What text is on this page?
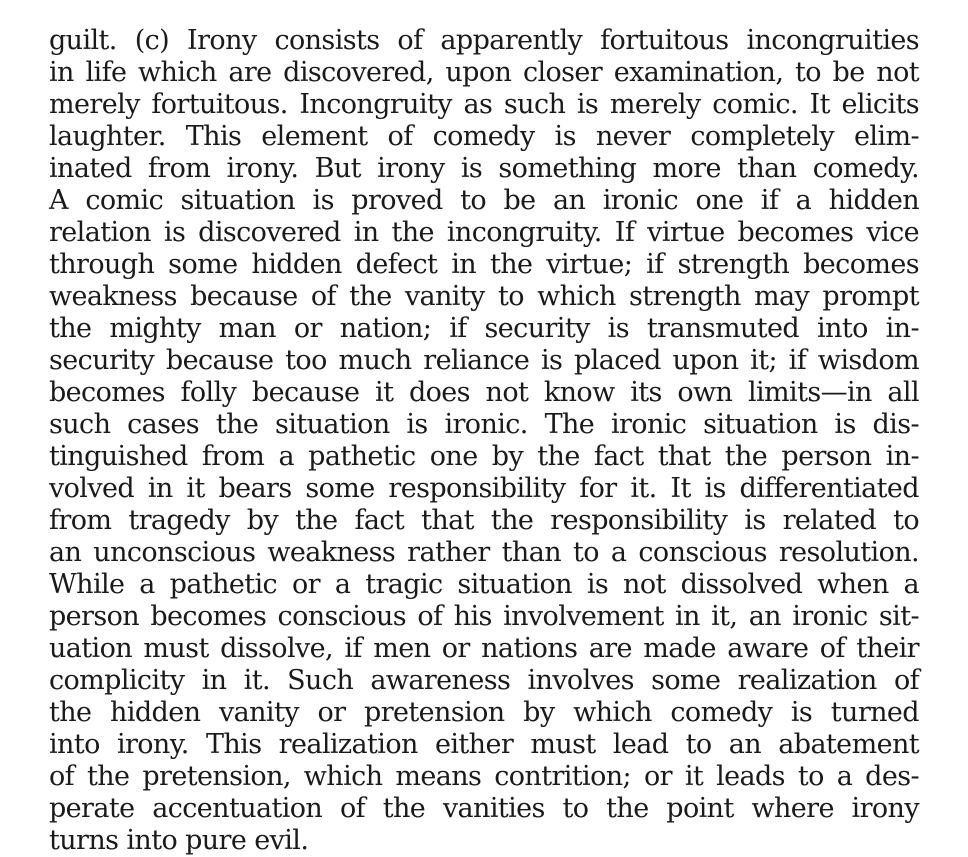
guilt. (c) Irony consists of apparently fortuitous incongruities
in life which are discovered, upon closer examination, to be not
merely fortuitous. Incongruity as such is merely comic. It elicits
laughter. This element of comedy is never completely elim-
inated from irony. But irony is something more than comedy.
A comic situation is proved to be an ironic one if a hidden
relation is discovered in the incongruity. If virtue becomes vice
through some hidden defect in the virtue; if strength becomes
weakness because of the vanity to which strength may prompt
the mighty man or nation; if security is transmuted into in-
security because too much reliance is placed upon it; if wisdom
becomes folly because it does not know its own limits—in all
such cases the situation is ironic. The ironic situation is dis-
tinguished from a pathetic one by the fact that the person in-
volved in it bears some responsibility for it. It is differentiated
from tragedy by the fact that the responsibility is related to
an unconscious weakness rather than to a conscious resolution.
While a pathetic or a tragic situation is not dissolved when a
person becomes conscious of his involvement in it, an ironic sit-
uation must dissolve, if men or nations are made aware of their
complicity in it. Such awareness involves some realization of
the hidden vanity or pretension by which comedy is turned
into irony. This realization either must lead to an abatement
of the pretension, which means contrition; or it leads to a des-
perate accentuation of the vanities to the point where irony
turns into pure evil.
